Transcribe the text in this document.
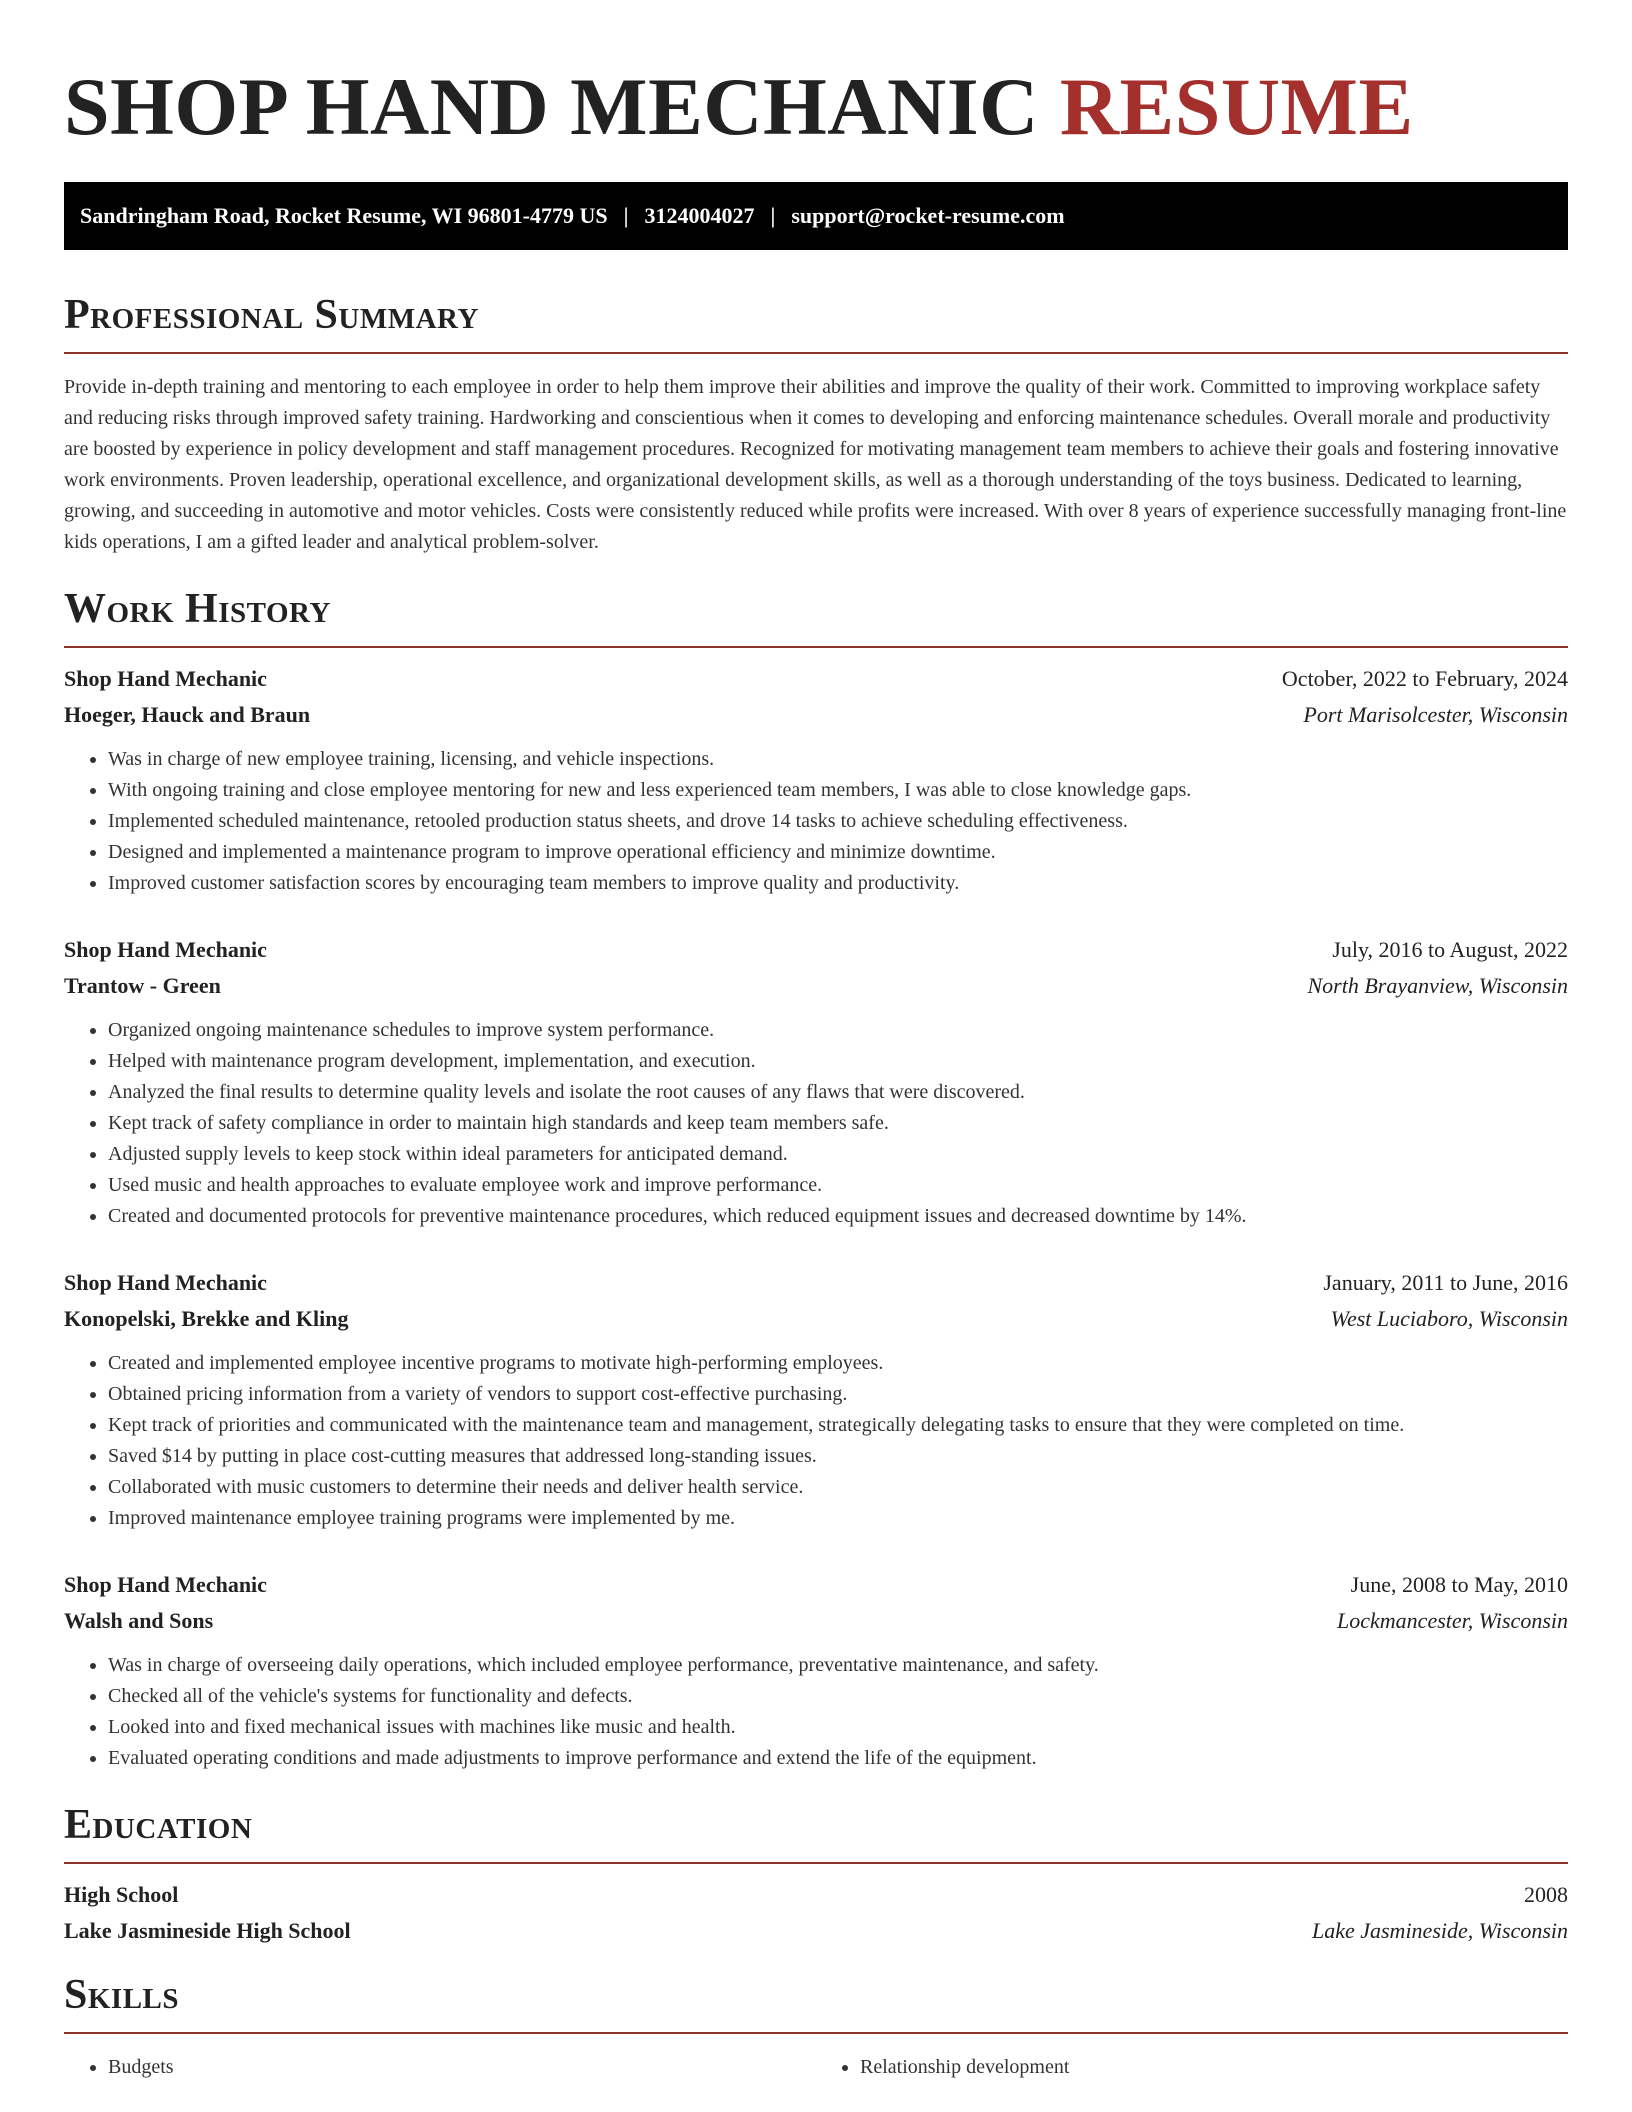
SHOP HAND MECHANIC RESUME
Sandringham Road, Rocket Resume, WI 96801-4779 US | 3124004027 | support@rocket-resume.com
Professional Summary

Provide in-depth training and mentoring to each employee in order to help them improve their abilities and improve the quality of their work. Committed to improving workplace safety and reducing risks through improved safety training. Hardworking and conscientious when it comes to developing and enforcing maintenance schedules. Overall morale and productivity are boosted by experience in policy development and staff management procedures. Recognized for motivating management team members to achieve their goals and fostering innovative work environments. Proven leadership, operational excellence, and organizational development skills, as well as a thorough understanding of the toys business. Dedicated to learning, growing, and succeeding in automotive and motor vehicles. Costs were consistently reduced while profits were increased. With over 8 years of experience successfully managing front-line kids operations, I am a gifted leader and analytical problem-solver.

Work History
Shop Hand Mechanic	October, 2022 to February, 2024
Hoeger, Hauck and Braun	Port Marisolcester, Wisconsin
• Was in charge of new employee training, licensing, and vehicle inspections.
• With ongoing training and close employee mentoring for new and less experienced team members, I was able to close knowledge gaps.
• Implemented scheduled maintenance, retooled production status sheets, and drove 14 tasks to achieve scheduling effectiveness.
• Designed and implemented a maintenance program to improve operational efficiency and minimize downtime.
• Improved customer satisfaction scores by encouraging team members to improve quality and productivity.
Shop Hand Mechanic	July, 2016 to August, 2022
Trantow - Green	North Brayanview, Wisconsin
• Organized ongoing maintenance schedules to improve system performance.
• Helped with maintenance program development, implementation, and execution.
• Analyzed the final results to determine quality levels and isolate the root causes of any flaws that were discovered.
• Kept track of safety compliance in order to maintain high standards and keep team members safe.
• Adjusted supply levels to keep stock within ideal parameters for anticipated demand.
• Used music and health approaches to evaluate employee work and improve performance.
• Created and documented protocols for preventive maintenance procedures, which reduced equipment issues and decreased downtime by 14%.
Shop Hand Mechanic	January, 2011 to June, 2016
Konopelski, Brekke and Kling	West Luciaboro, Wisconsin
• Created and implemented employee incentive programs to motivate high-performing employees.
• Obtained pricing information from a variety of vendors to support cost-effective purchasing.
• Kept track of priorities and communicated with the maintenance team and management, strategically delegating tasks to ensure that they were completed on time.
• Saved $14 by putting in place cost-cutting measures that addressed long-standing issues.
• Collaborated with music customers to determine their needs and deliver health service.
• Improved maintenance employee training programs were implemented by me.
Shop Hand Mechanic	June, 2008 to May, 2010
Walsh and Sons	Lockmancester, Wisconsin
• Was in charge of overseeing daily operations, which included employee performance, preventative maintenance, and safety.
• Checked all of the vehicle's systems for functionality and defects.
• Looked into and fixed mechanical issues with machines like music and health.
• Evaluated operating conditions and made adjustments to improve performance and extend the life of the equipment.
Education
High School	2008
Lake Jasmineside High School	Lake Jasmineside, Wisconsin
Skills
• Budgets
•	Relationship development
